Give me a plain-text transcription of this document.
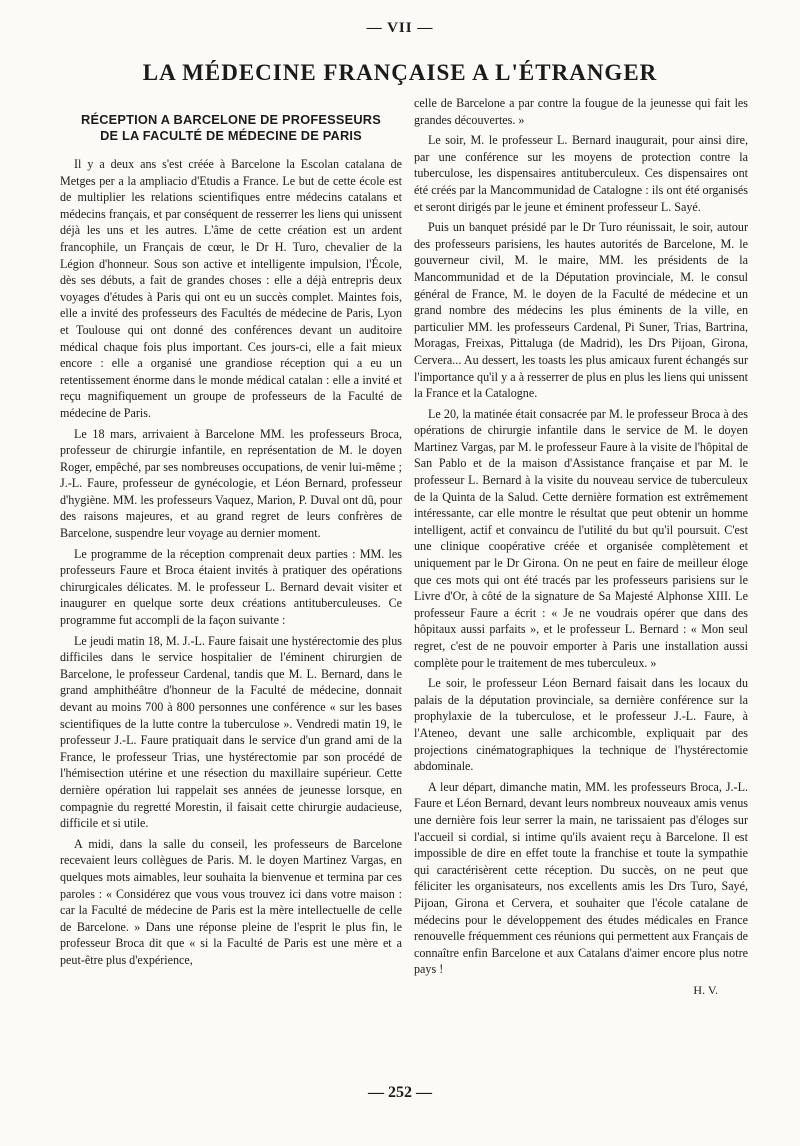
— VII —
LA MÉDECINE FRANÇAISE A L'ÉTRANGER
RÉCEPTION A BARCELONE DE PROFESSEURS
DE LA FACULTÉ DE MÉDECINE DE PARIS

Il y a deux ans s'est créée à Barcelone la Escolan catalana de Metges per a la ampliacio d'Etudis a France. Le but de cette école est de multiplier les relations scientifiques entre médecins catalans et médecins français, et par conséquent de resserrer les liens qui unissent déjà les uns et les autres. L'âme de cette création est un ardent francophile, un Français de cœur, le Dr H. Turo, chevalier de la Légion d'honneur. Sous son active et intelligente impulsion, l'École, dès ses débuts, a fait de grandes choses : elle a déjà entrepris deux voyages d'études à Paris qui ont eu un succès complet. Maintes fois, elle a invité des professeurs des Facultés de médecine de Paris, Lyon et Toulouse qui ont donné des conférences devant un auditoire médical chaque fois plus important. Ces jours-ci, elle a fait mieux encore : elle a organisé une grandiose réception qui a eu un retentissement énorme dans le monde médical catalan : elle a invité et reçu magnifiquement un groupe de professeurs de la Faculté de médecine de Paris.

Le 18 mars, arrivaient à Barcelone MM. les professeurs Broca, professeur de chirurgie infantile, en représentation de M. le doyen Roger, empêché, par ses nombreuses occupations, de venir lui-même ; J.-L. Faure, professeur de gynécologie, et Léon Bernard, professeur d'hygiène. MM. les professeurs Vaquez, Marion, P. Duval ont dû, pour des raisons majeures, et au grand regret de leurs confrères de Barcelone, suspendre leur voyage au dernier moment.

Le programme de la réception comprenait deux parties : MM. les professeurs Faure et Broca étaient invités à pratiquer des opérations chirurgicales délicates. M. le professeur L. Bernard devait visiter et inaugurer en quelque sorte deux créations antituberculeuses. Ce programme fut accompli de la façon suivante :

Le jeudi matin 18, M. J.-L. Faure faisait une hystérectomie des plus difficiles dans le service hospitalier de l'éminent chirurgien de Barcelone, le professeur Cardenal, tandis que M. L. Bernard, dans le grand amphithéâtre d'honneur de la Faculté de médecine, donnait devant au moins 700 à 800 personnes une conférence « sur les bases scientifiques de la lutte contre la tuberculose ». Vendredi matin 19, le professeur J.-L. Faure pratiquait dans le service d'un grand ami de la France, le professeur Trias, une hystérectomie par son procédé de l'hémisection utérine et une résection du maxillaire supérieur. Cette dernière opération lui rappelait ses années de jeunesse lorsque, en compagnie du regretté Morestin, il faisait cette chirurgie audacieuse, difficile et si utile.

A midi, dans la salle du conseil, les professeurs de Barcelone recevaient leurs collègues de Paris. M. le doyen Martinez Vargas, en quelques mots aimables, leur souhaita la bienvenue et termina par ces paroles : « Considérez que vous vous trouvez ici dans votre maison : car la Faculté de médecine de Paris est la mère intellectuelle de celle de Barcelone. » Dans une réponse pleine de l'esprit le plus fin, le professeur Broca dit que « si la Faculté de Paris est une mère et a peut-être plus d'expérience,

celle de Barcelone a par contre la fougue de la jeunesse qui fait les grandes découvertes. »

Le soir, M. le professeur L. Bernard inaugurait, pour ainsi dire, par une conférence sur les moyens de protection contre la tuberculose, les dispensaires antituberculeux. Ces dispensaires ont été créés par la Mancommunidad de Catalogne : ils ont été organisés et seront dirigés par le jeune et éminent professeur L. Sayé.

Puis un banquet présidé par le Dr Turo réunissait, le soir, autour des professeurs parisiens, les hautes autorités de Barcelone, M. le gouverneur civil, M. le maire, MM. les présidents de la Mancommunidad et de la Députation provinciale, M. le consul général de France, M. le doyen de la Faculté de médecine et un grand nombre des médecins les plus éminents de la ville, en particulier MM. les professeurs Cardenal, Pi Suner, Trias, Bartrina, Moragas, Freixas, Pittaluga (de Madrid), les Drs Pijoan, Girona, Cervera... Au dessert, les toasts les plus amicaux furent échangés sur l'importance qu'il y a à resserrer de plus en plus les liens qui unissent la France et la Catalogne.

Le 20, la matinée était consacrée par M. le professeur Broca à des opérations de chirurgie infantile dans le service de M. le doyen Martinez Vargas, par M. le professeur Faure à la visite de l'hôpital de San Pablo et de la maison d'Assistance française et par M. le professeur L. Bernard à la visite du nouveau service de tuberculeux de la Quinta de la Salud. Cette dernière formation est extrêmement intéressante, car elle montre le résultat que peut obtenir un homme intelligent, actif et convaincu de l'utilité du but qu'il poursuit. C'est une clinique coopérative créée et organisée complètement et uniquement par le Dr Girona. On ne peut en faire de meilleur éloge que ces mots qui ont été tracés par les professeurs parisiens sur le Livre d'Or, à côté de la signature de Sa Majesté Alphonse XIII. Le professeur Faure a écrit : « Je ne voudrais opérer que dans des hôpitaux aussi parfaits », et le professeur L. Bernard : « Mon seul regret, c'est de ne pouvoir emporter à Paris une installation aussi complète pour le traitement de mes tuberculeux. »

Le soir, le professeur Léon Bernard faisait dans les locaux du palais de la députation provinciale, sa dernière conférence sur la prophylaxie de la tuberculose, et le professeur J.-L. Faure, à l'Ateneo, devant une salle archicomble, expliquait par des projections cinématographiques la technique de l'hystérectomie abdominale.

A leur départ, dimanche matin, MM. les professeurs Broca, J.-L. Faure et Léon Bernard, devant leurs nombreux nouveaux amis venus une dernière fois leur serrer la main, ne tarissaient pas d'éloges sur l'accueil si cordial, si intime qu'ils avaient reçu à Barcelone. Il est impossible de dire en effet toute la franchise et toute la sympathie qui caractérisèrent cette réception. Du succès, on ne peut que féliciter les organisateurs, nos excellents amis les Drs Turo, Sayé, Pijoan, Girona et Cervera, et souhaiter que l'école catalane de médecins pour le développement des études médicales en France renouvelle fréquemment ces réunions qui permettent aux Français de connaître enfin Barcelone et aux Catalans d'aimer encore plus notre pays !

H. V.
— 252 —
